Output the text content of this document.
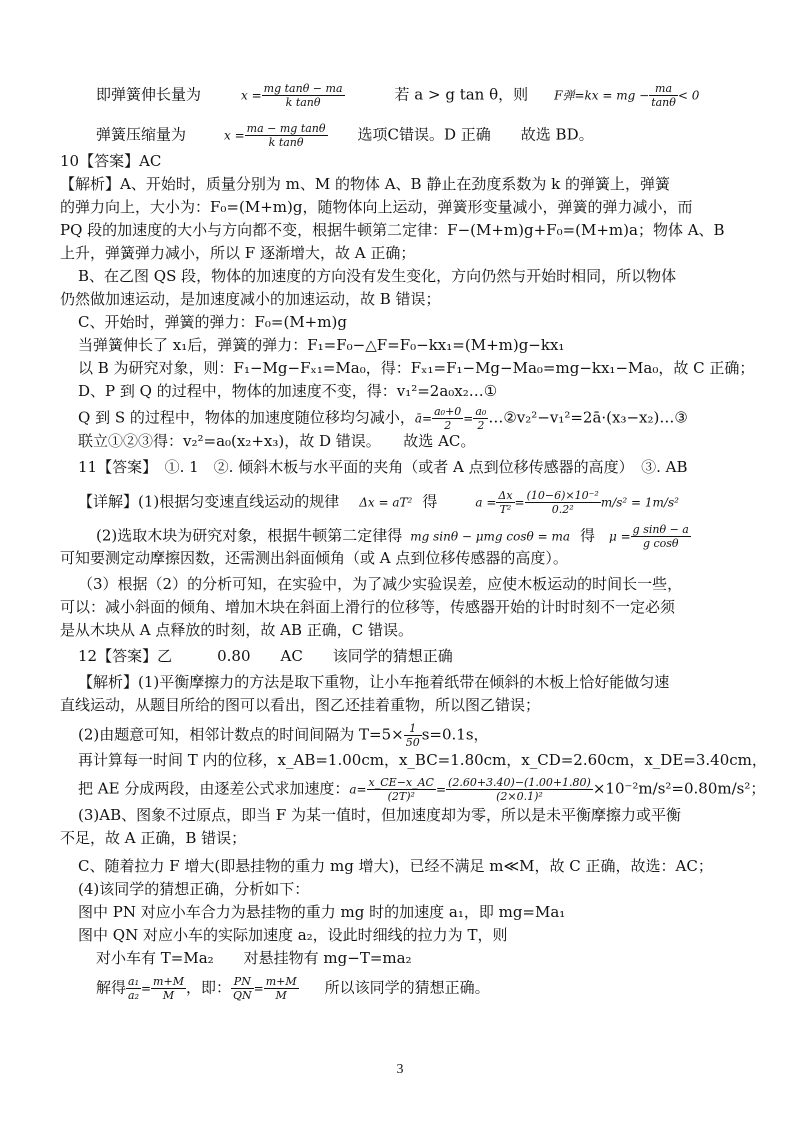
即弹簧伸长量为	$x = \frac{\text{mg tanθ − ma}}{\text{k tanθ}}$	若 a > g tan θ，则 F弹=kx = mg − $\frac{ma}{\tan\theta} < 0$
弹簧压缩量为	$x = \frac{\text{ma − mg tanθ}}{\text{k tanθ}}$ 选项C错误。D 正确　　故选 BD。
10【答案】AC
【解析】A、开始时，质量分别为 m、M 的物体 A、B 静止在劲度系数为 k 的弹簧上，弹簧
的弹力向上，大小为：F₀=(M+m)g，随物体向上运动，弹簧形变量减小，弹簧的弹力减小，而
PQ 段的加速度的大小与方向都不变，根据牛顿第二定律：F−(M+m)g+F₀=(M+m)a；物体 A、B
上升，弹簧弹力减小，所以 F 逐渐增大，故 A 正确；
B、在乙图 QS 段，物体的加速度的方向没有发生变化，方向仍然与开始时相同，所以物体
仍然做加速运动，是加速度减小的加速运动，故 B 错误；
C、开始时，弹簧的弹力：F₀=(M+m)g
当弹簧伸长了 x₁后，弹簧的弹力：F₁=F₀−△F=F₀−kx₁=(M+m)g−kx₁
以 B 为研究对象，则：F₁−Mg−Fₓ₁=Ma₀，得：Fₓ₁=F₁−Mg−Ma₀=mg−kx₁−Ma₀，故 C 正确；
D、P 到 Q 的过程中，物体的加速度不变，得：v₁²=2a₀x₂…①
Q 到 S 的过程中，物体的加速度随位移均匀减小，ā= $\frac{\text{a₀+0}}{2} = \frac{\text{a₀}}{2}$ …②v₂²−v₁²=2ā·(x₃−x₂)…③
联立①②③得：v₂²=a₀(x₂+x₃)，故 D 错误。　　故选 AC。
11【答案】　①. 1　②. 倾斜木板与水平面的夹角（或者 A 点到位移传感器的高度）　③. AB
【详解】(1)根据匀变速直线运动的规律 Δx = aT² 得	$a = \frac{\Delta x}{\text{T²}} = \frac{\text{(10−6)×10⁻²}}{\text{0.2²}} m/s^2 = 1m/s^2$
(2)选取木块为研究对象，根据牛顿第二定律得 mg sinθ − μmg cosθ = ma 得 $\mu = \frac{\text{g sinθ − a}}{\text{g cosθ}}$
可知要测定动摩擦因数，还需测出斜面倾角（或 A 点到位移传感器的高度）。
（3）根据（2）的分析可知，在实验中，为了减少实验误差，应使木板运动的时间长一些，
可以：减小斜面的倾角、增加木块在斜面上滑行的位移等，传感器开始的计时时刻不一定必须
是从木块从 A 点释放的时刻，故 AB 正确，C 错误。
12【答案】乙　　　0.80　　AC　　该同学的猜想正确
【解析】(1)平衡摩擦力的方法是取下重物，让小车拖着纸带在倾斜的木板上恰好能做匀速
直线运动，从题目所给的图可以看出，图乙还挂着重物，所以图乙错误；
(2)由题意可知，相邻计数点的时间间隔为 $T=5\times \frac{1}{50} s=0.1s$，
再计算每一时间 T 内的位移，x_AB=1.00cm，x_BC=1.80cm，x_CD=2.60cm，x_DE=3.40cm，
把 AE 分成两段，由逐差公式求加速度：$a= \frac{x\_CE-x\_AC}{\text{(2T)²}} = \frac{(2.60+3.40)-(1.00+1.80)}{\text{(2×0.1)²}} \times 10^{-2}m/s^2=0.80m/s^2$；
(3)AB、图象不过原点，即当 F 为某一值时，但加速度却为零，所以是未平衡摩擦力或平衡
不足，故 A 正确，B 错误；
C、随着拉力 F 增大(即悬挂物的重力 mg 增大)，已经不满足 m≪M，故 C 正确，故选：AC；
(4)该同学的猜想正确，分析如下：
图中 PN 对应小车合力为悬挂物的重力 mg 时的加速度 a₁，即 mg=Ma₁
图中 QN 对应小车的实际加速度 a₂，设此时细线的拉力为 T，则
对小车有 T=Ma₂　　对悬挂物有 mg−T=ma₂
解得 $\frac{\text{a₁}}{\text{a₂}} = \frac{m+M}{M}$ ，即： $\frac{PN}{QN} = \frac{m+M}{M}$ 所以该同学的猜想正确。
3
